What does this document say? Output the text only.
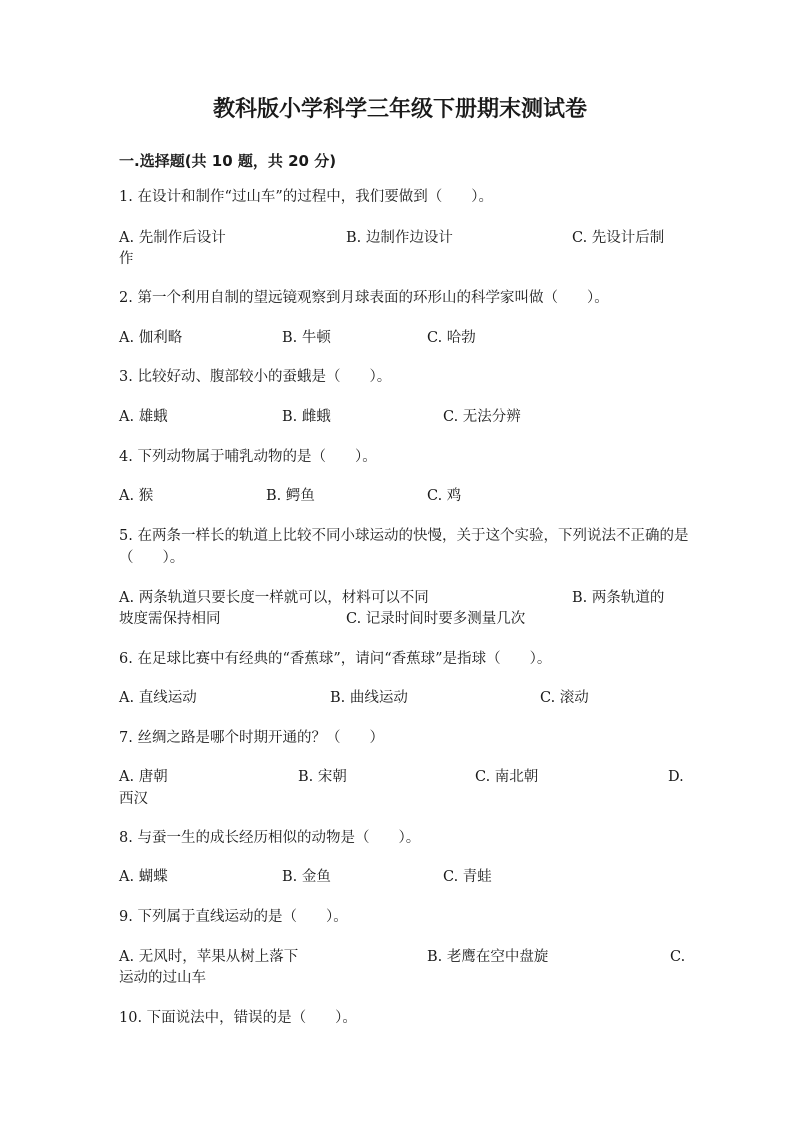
教科版小学科学三年级下册期末测试卷
一.选择题(共 10 题，共 20 分)
1. 在设计和制作“过山车”的过程中，我们要做到（　　）。
A. 先制作后设计	B. 边制作边设计	C. 先设计后制
作
2. 第一个利用自制的望远镜观察到月球表面的环形山的科学家叫做（　　）。
A. 伽利略	B. 牛顿	C. 哈勃
3. 比较好动、腹部较小的蚕蛾是（　　）。
A. 雄蛾	B. 雌蛾	C. 无法分辨
4. 下列动物属于哺乳动物的是（　　）。
A. 猴	B. 鳄鱼	C. 鸡
5. 在两条一样长的轨道上比较不同小球运动的快慢，关于这个实验，下列说法不正确的是（　　）。
A. 两条轨道只要长度一样就可以，材料可以不同	B. 两条轨道的
坡度需保持相同	C. 记录时间时要多测量几次
6. 在足球比赛中有经典的“香蕉球”，请问“香蕉球”是指球（　　）。
A. 直线运动	B. 曲线运动	C. 滚动
7. 丝绸之路是哪个时期开通的？（　　）
A. 唐朝	B. 宋朝	C. 南北朝	D.
西汉
8. 与蚕一生的成长经历相似的动物是（　　）。
A. 蝴蝶	B. 金鱼	C. 青蛙
9. 下列属于直线运动的是（　　）。
A. 无风时，苹果从树上落下	B. 老鹰在空中盘旋	C.
运动的过山车
10. 下面说法中，错误的是（　　）。
